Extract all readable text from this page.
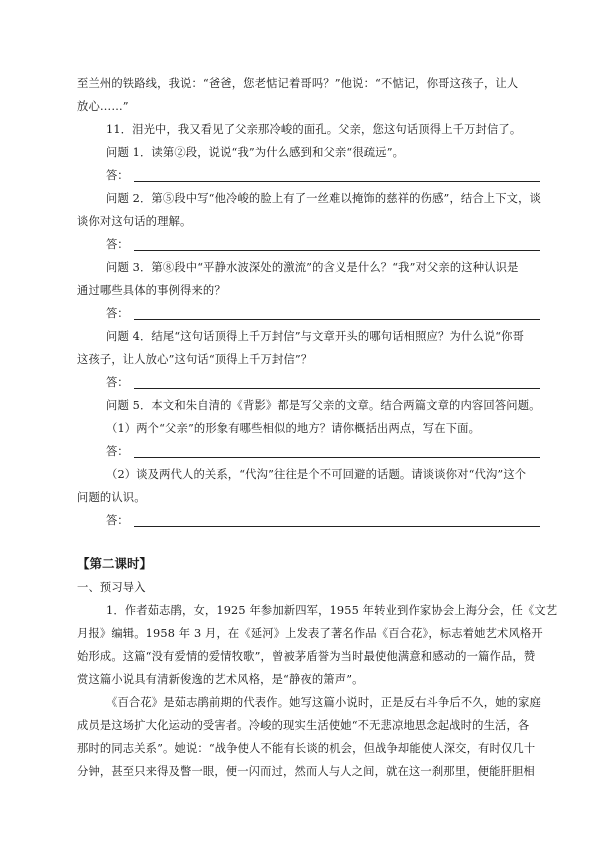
至兰州的铁路线，我说：“爸爸，您老惦记着哥吗？”他说：“不惦记，你哥这孩子，让人
放心……”
11．泪光中，我又看见了父亲那冷峻的面孔。父亲，您这句话顶得上千万封信了。
问题 1．读第②段，说说“我”为什么感到和父亲“很疏远”。
答：
问题 2．第⑤段中写“他冷峻的脸上有了一丝难以掩饰的慈祥的伤感”，结合上下文，谈
谈你对这句话的理解。
答：
问题 3．第⑧段中“平静水波深处的激流”的含义是什么？“我”对父亲的这种认识是
通过哪些具体的事例得来的？
答：
问题 4．结尾“这句话顶得上千万封信”与文章开头的哪句话相照应？为什么说“你哥
这孩子，让人放心”这句话“顶得上千万封信”？
答：
问题 5．本文和朱自清的《背影》都是写父亲的文章。结合两篇文章的内容回答问题。
（1）两个“父亲”的形象有哪些相似的地方？请你概括出两点，写在下面。
答：
（2）谈及两代人的关系，“代沟”往往是个不可回避的话题。请谈谈你对“代沟”这个
问题的认识。
答：
【第二课时】
一、预习导入
1．作者茹志鹃，女，1925 年参加新四军，1955 年转业到作家协会上海分会，任《文艺
月报》编辑。1958 年 3 月，在《延河》上发表了著名作品《百合花》，标志着她艺术风格开
始形成。这篇“没有爱情的爱情牧歌”，曾被茅盾誉为当时最使他满意和感动的一篇作品，赞
赏这篇小说具有清新俊逸的艺术风格，是“静夜的箫声”。
《百合花》是茹志鹃前期的代表作。她写这篇小说时，正是反右斗争后不久，她的家庭
成员是这场扩大化运动的受害者。冷峻的现实生活使她“不无悲凉地思念起战时的生活，各
那时的同志关系”。她说：“战争使人不能有长谈的机会，但战争却能使人深交，有时仅几十
分钟，甚至只来得及瞥一眼，便一闪而过，然而人与人之间，就在这一刹那里，便能肝胆相
